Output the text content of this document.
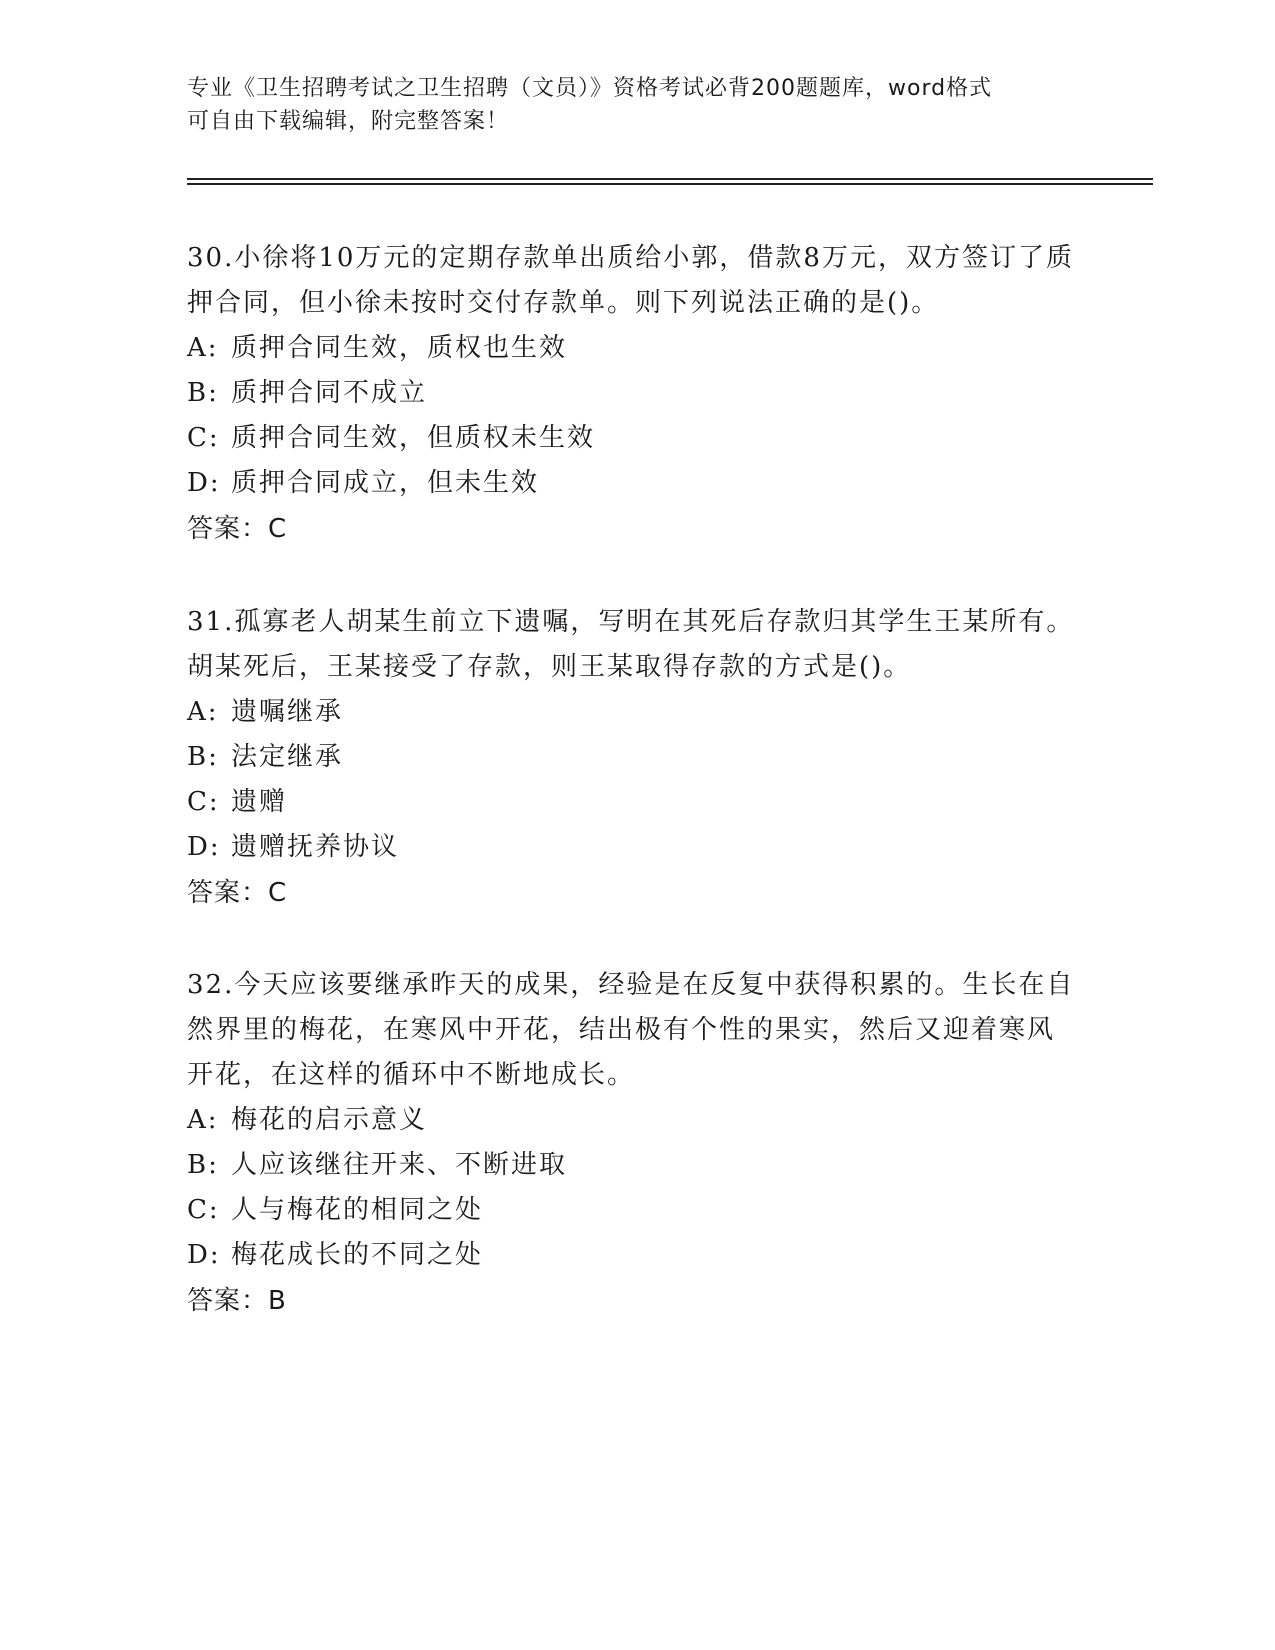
专业《卫生招聘考试之卫生招聘（文员）》资格考试必背200题题库，word格式
可自由下载编辑，附完整答案！

30.小徐将10万元的定期存款单出质给小郭，借款8万元，双方签订了质押合同，但小徐未按时交付存款单。则下列说法正确的是()。

A: 质押合同生效，质权也生效

B: 质押合同不成立

C: 质押合同生效，但质权未生效

D: 质押合同成立，但未生效

答案：C

31.孤寡老人胡某生前立下遗嘱，写明在其死后存款归其学生王某所有。胡某死后，王某接受了存款，则王某取得存款的方式是()。

A: 遗嘱继承

B: 法定继承

C: 遗赠

D: 遗赠抚养协议

答案：C

32.今天应该要继承昨天的成果，经验是在反复中获得积累的。生长在自然界里的梅花，在寒风中开花，结出极有个性的果实，然后又迎着寒风开花，在这样的循环中不断地成长。

A: 梅花的启示意义

B: 人应该继往开来、不断进取

C: 人与梅花的相同之处

D: 梅花成长的不同之处

答案：B
